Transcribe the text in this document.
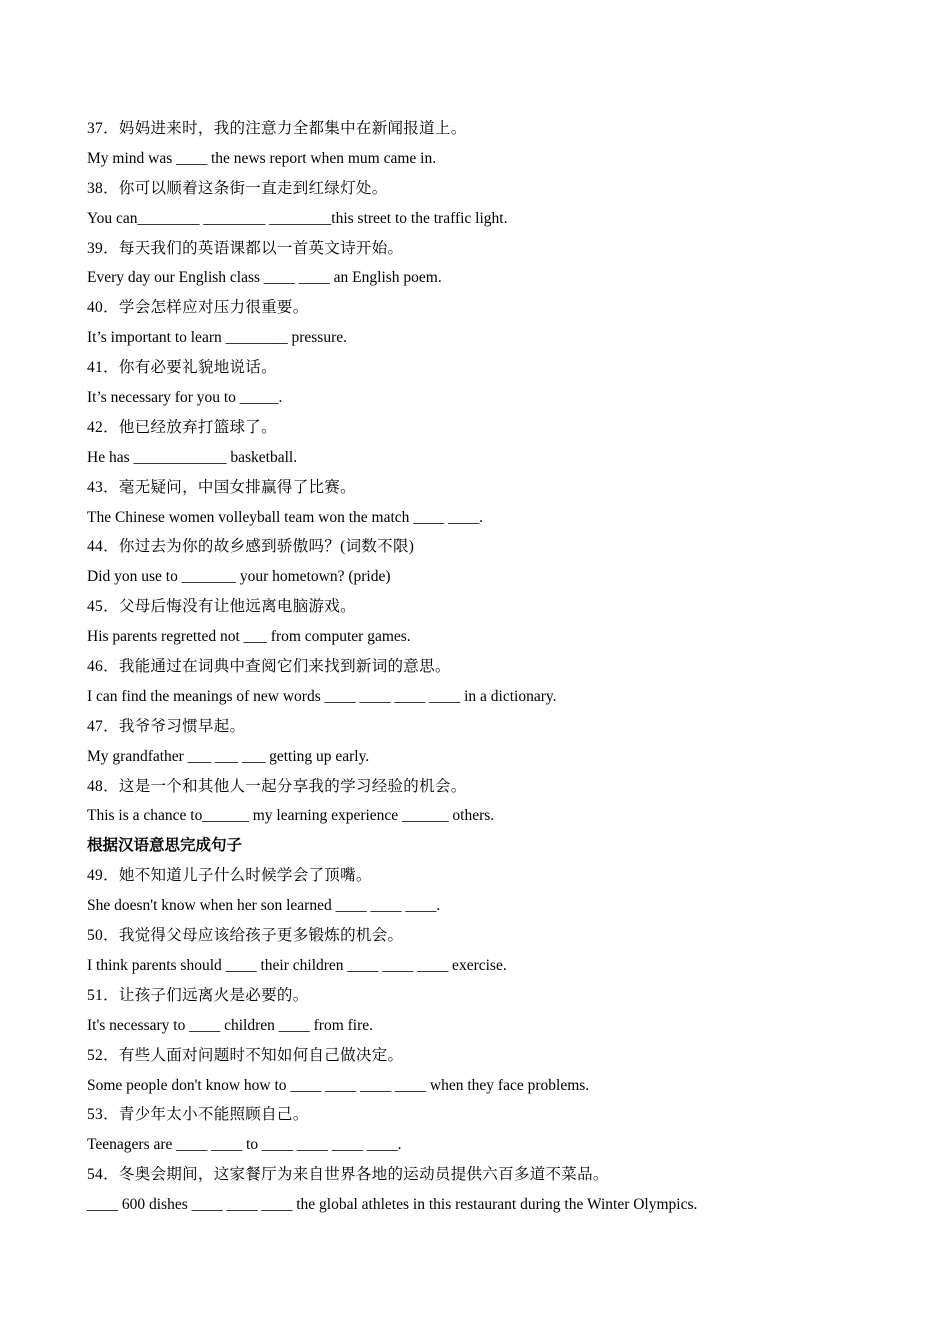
37．妈妈进来时，我的注意力全都集中在新闻报道上。
My mind was ____ the news report when mum came in.
38．你可以顺着这条街一直走到红绿灯处。
You can________ ________ ________this street to the traffic light.
39．每天我们的英语课都以一首英文诗开始。
Every day our English class ____ ____ an English poem.
40．学会怎样应对压力很重要。
It’s important to learn ________ pressure.
41．你有必要礼貌地说话。
It’s necessary for you to _____.
42．他已经放弃打篮球了。
He has ____________ basketball.
43．毫无疑问，中国女排赢得了比赛。
The Chinese women volleyball team won the match ____ ____.
44．你过去为你的故乡感到骄傲吗？(词数不限)
Did yon use to _______ your hometown? (pride)
45．父母后悔没有让他远离电脑游戏。
His parents regretted not ___ from computer games.
46．我能通过在词典中查阅它们来找到新词的意思。
I can find the meanings of new words ____ ____ ____ ____ in a dictionary.
47．我爷爷习惯早起。
My grandfather ___ ___ ___ getting up early.
48．这是一个和其他人一起分享我的学习经验的机会。
This is a chance to______ my learning experience ______ others.
根据汉语意思完成句子
49．她不知道儿子什么时候学会了顶嘴。
She doesn't know when her son learned ____ ____ ____.
50．我觉得父母应该给孩子更多锻炼的机会。
I think parents should ____ their children ____ ____ ____ exercise.
51．让孩子们远离火是必要的。
It's necessary to ____ children ____ from fire.
52．有些人面对问题时不知如何自己做决定。
Some people don't know how to ____ ____ ____ ____ when they face problems.
53．青少年太小不能照顾自己。
Teenagers are ____ ____ to ____ ____ ____ ____.
54．冬奥会期间，这家餐厅为来自世界各地的运动员提供六百多道不菜品。
____ 600 dishes ____ ____ ____ the global athletes in this restaurant during the Winter Olympics.
